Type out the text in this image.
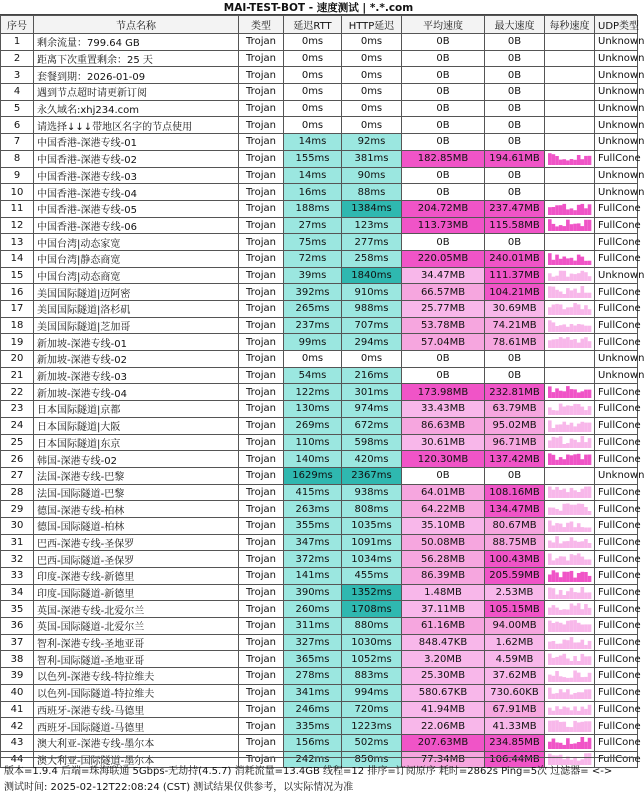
MAI-TEST-BOT - 速度测试 | *.*.com
序号	节点名称	类型	延迟RTT	HTTP延迟	平均速度	最大速度	每秒速度	UDP类型
1	剩余流量：799.64 GB	Trojan	0ms	0ms	0B	0B		Unknown
2	距离下次重置剩余：25 天	Trojan	0ms	0ms	0B	0B		Unknown
3	套餐到期：2026-01-09	Trojan	0ms	0ms	0B	0B		Unknown
4	遇到节点超时请更新订阅	Trojan	0ms	0ms	0B	0B		Unknown
5	永久域名:xhj234.com	Trojan	0ms	0ms	0B	0B		Unknown
6	请选择↓↓↓带地区名字的节点使用	Trojan	0ms	0ms	0B	0B		Unknown
7	中国香港-深港专线-01	Trojan	14ms	92ms	0B	0B		Unknown
8	中国香港-深港专线-02	Trojan	155ms	381ms	182.85MB	194.61MB		FullCone
9	中国香港-深港专线-03	Trojan	14ms	90ms	0B	0B		Unknown
10	中国香港-深港专线-04	Trojan	16ms	88ms	0B	0B		Unknown
11	中国香港-深港专线-05	Trojan	188ms	1384ms	204.72MB	237.47MB		FullCone
12	中国香港-深港专线-06	Trojan	27ms	123ms	113.73MB	115.58MB		FullCone
13	中国台湾|动态家宽	Trojan	75ms	277ms	0B	0B		FullCone
14	中国台湾|静态商宽	Trojan	72ms	258ms	220.05MB	240.01MB		FullCone
15	中国台湾|动态商宽	Trojan	39ms	1840ms	34.47MB	111.37MB		Unknown
16	美国国际隧道|迈阿密	Trojan	392ms	910ms	66.57MB	104.21MB		FullCone
17	美国国际隧道|洛杉矶	Trojan	265ms	988ms	25.77MB	30.69MB		FullCone
18	美国国际隧道|芝加哥	Trojan	237ms	707ms	53.78MB	74.21MB		FullCone
19	新加坡-深港专线-01	Trojan	99ms	294ms	57.04MB	78.61MB		FullCone
20	新加坡-深港专线-02	Trojan	0ms	0ms	0B	0B		Unknown
21	新加坡-深港专线-03	Trojan	54ms	216ms	0B	0B		Unknown
22	新加坡-深港专线-04	Trojan	122ms	301ms	173.98MB	232.81MB		FullCone
23	日本国际隧道|京都	Trojan	130ms	974ms	33.43MB	63.79MB		FullCone
24	日本国际隧道|大阪	Trojan	269ms	672ms	86.63MB	95.02MB		FullCone
25	日本国际隧道|东京	Trojan	110ms	598ms	30.61MB	96.71MB		FullCone
26	韩国-深港专线-02	Trojan	140ms	420ms	120.30MB	137.42MB		FullCone
27	法国-深港专线-巴黎	Trojan	1629ms	2367ms	0B	0B		Unknown
28	法国-国际隧道-巴黎	Trojan	415ms	938ms	64.01MB	108.16MB		FullCone
29	德国-深港专线-柏林	Trojan	263ms	808ms	64.22MB	134.47MB		FullCone
30	德国-国际隧道-柏林	Trojan	355ms	1035ms	35.10MB	80.67MB		FullCone
31	巴西-深港专线-圣保罗	Trojan	347ms	1091ms	50.08MB	88.75MB		FullCone
32	巴西-国际隧道-圣保罗	Trojan	372ms	1034ms	56.28MB	100.43MB		FullCone
33	印度-深港专线-新德里	Trojan	141ms	455ms	86.39MB	205.59MB		FullCone
34	印度-国际隧道-新德里	Trojan	390ms	1352ms	1.48MB	2.53MB		FullCone
35	英国-深港专线-北爱尔兰	Trojan	260ms	1708ms	37.11MB	105.15MB		FullCone
36	英国-国际隧道-北爱尔兰	Trojan	311ms	880ms	61.16MB	94.00MB		FullCone
37	智利-深港专线-圣地亚哥	Trojan	327ms	1030ms	848.47KB	1.62MB		FullCone
38	智利-国际隧道-圣地亚哥	Trojan	365ms	1052ms	3.20MB	4.59MB		FullCone
39	以色列-深港专线-特拉维夫	Trojan	278ms	883ms	25.30MB	37.62MB		FullCone
40	以色列-国际隧道-特拉维夫	Trojan	341ms	994ms	580.67KB	730.60KB		FullCone
41	西班牙-深港专线-马德里	Trojan	246ms	720ms	41.94MB	67.91MB		FullCone
42	西班牙-国际隧道-马德里	Trojan	335ms	1223ms	22.06MB	41.33MB		FullCone
43	澳大利亚-深港专线-墨尔本	Trojan	156ms	502ms	207.63MB	234.85MB		FullCone
44	澳大利亚-国际隧道-墨尔本	Trojan	242ms	850ms	77.34MB	106.44MB		FullCone
版本=1.9.4 后端=珠海联通 5Gbps-无劫持(4.5.7) 消耗流量=13.4GB 线程=12 排序=订阅原序 耗时=2862s Ping=5次 过滤器= <->
测试时间: 2025-02-12T22:08:24 (CST) 测试结果仅供参考，以实际情况为准
